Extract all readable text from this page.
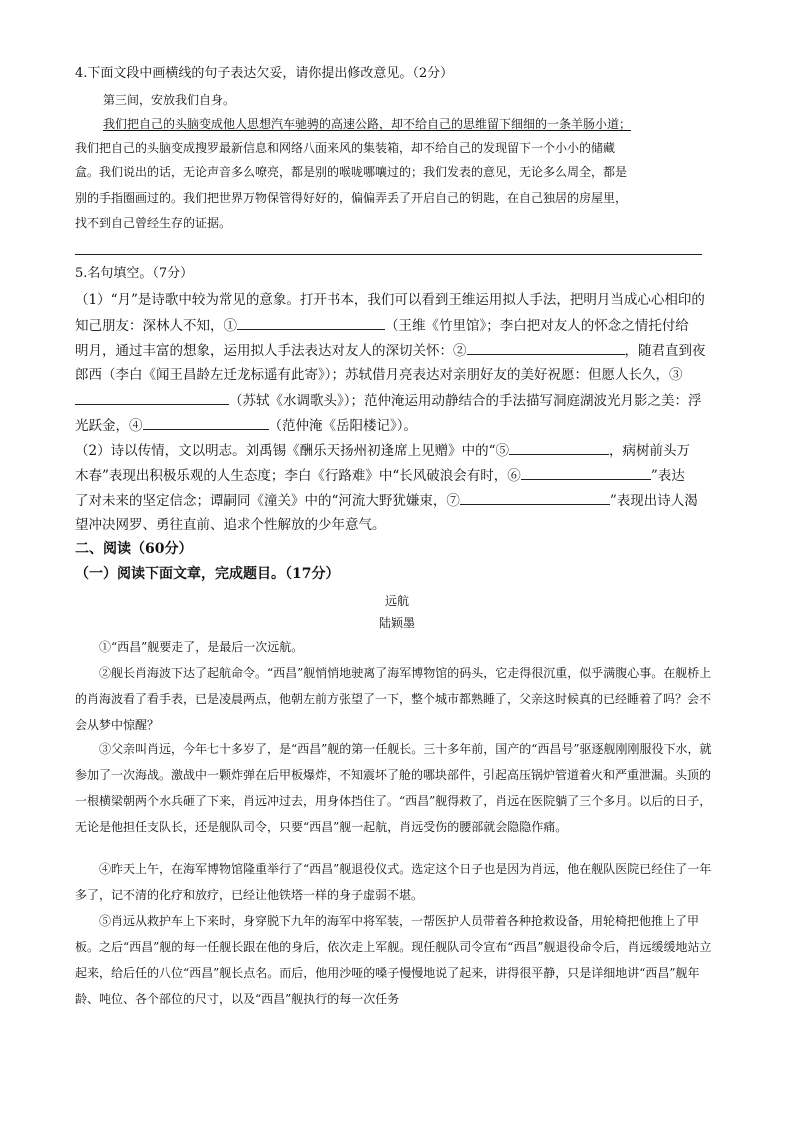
4.下面文段中画横线的句子表达欠妥，请你提出修改意见。（2分）
第三间，安放我们自身。
我们把自己的头脑变成他人思想汽车驰骋的高速公路，却不给自己的思维留下细细的一条羊肠小道；
我们把自己的头脑变成搜罗最新信息和网络八面来风的集装箱，却不给自己的发现留下一个小小的储藏
盒。我们说出的话，无论声音多么嘹亮，都是别的喉咙哪嚷过的；我们发表的意见，无论多么周全，都是
别的手指圈画过的。我们把世界万物保管得好好的，偏偏弄丢了开启自己的钥匙，在自己独居的房屋里，
找不到自己曾经生存的证据。
5.名句填空。（7分）
（1）“月”是诗歌中较为常见的意象。打开书本，我们可以看到王维运用拟人手法，把明月当成心心相印的
知己朋友：深林人不知，①	（王维《竹里馆》；李白把对友人的怀念之情托付给
明月，通过丰富的想象，运用拟人手法表达对友人的深切关怀：②	，随君直到夜
郎西（李白《闻王昌龄左迁龙标遥有此寄》）；苏轼借月亮表达对亲朋好友的美好祝愿：但愿人长久，③
（苏轼《水调歌头》）；范仲淹运用动静结合的手法描写洞庭湖波光月影之美：浮
光跃金，④	（范仲淹《岳阳楼记》）。
（2）诗以传情，文以明志。刘禹锡《酬乐天扬州初逢席上见赠》中的“⑤	，病树前头万
木春”表现出积极乐观的人生态度；李白《行路难》中“长风破浪会有时，⑥	”表达
了对未来的坚定信念；谭嗣同《潼关》中的“河流大野犹嫌束，⑦	”表现出诗人渴
望冲决网罗、勇往直前、追求个性解放的少年意气。
二、阅读（60分）
（一）阅读下面文章，完成题目。（17分）
远航
陆颖墨
①“西昌”舰要走了，是最后一次远航。
②舰长肖海波下达了起航命令。“西昌”舰悄悄地驶离了海军博物馆的码头，它走得很沉重，似乎满腹心事。在舰桥上的肖海波看了看手表，已是凌晨两点，他朝左前方张望了一下，整个城市都熟睡了，父亲这时候真的已经睡着了吗？会不会从梦中惊醒？
③父亲叫肖远，今年七十多岁了，是“西昌”舰的第一任舰长。三十多年前，国产的“西昌号”驱逐舰刚刚服役下水，就参加了一次海战。激战中一颗炸弹在后甲板爆炸，不知震坏了舱的哪块部件，引起高压锅炉管道着火和严重泄漏。头顶的一根横梁朝两个水兵砸了下来，肖远冲过去，用身体挡住了。“西昌”舰得救了，肖远在医院躺了三个多月。以后的日子，无论是他担任支队长，还是舰队司令，只要“西昌”舰一起航，肖远受伤的腰部就会隐隐作痛。
④昨天上午，在海军博物馆隆重举行了“西昌”舰退役仪式。选定这个日子也是因为肖远，他在舰队医院已经住了一年多了，记不清的化疗和放疗，已经让他铁塔一样的身子虚弱不堪。
⑤肖远从救护车上下来时，身穿脱下九年的海军中将军装，一帮医护人员带着各种抢救设备，用轮椅把他推上了甲板。之后“西昌”舰的每一任舰长跟在他的身后，依次走上军舰。现任舰队司令宣布“西昌”舰退役命令后，肖远缓缓地站立起来，给后任的八位“西昌”舰长点名。而后，他用沙哑的嗓子慢慢地说了起来，讲得很平静，只是详细地讲“西昌”舰年龄、吨位、各个部位的尺寸，以及“西昌”舰执行的每一次任务
